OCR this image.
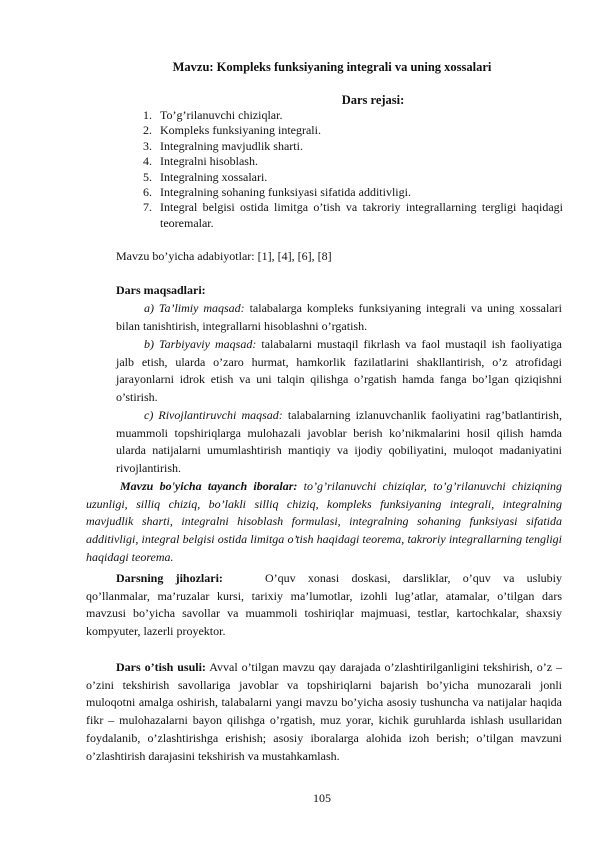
Mavzu: Kompleks funksiyaning integrali va uning xossalari
Dars rejasi:
1. To’g’rilanuvchi chiziqlar.
2. Kompleks funksiyaning integrali.
3. Integralning mavjudlik sharti.
4. Integralni hisoblash.
5. Integralning xossalari.
6. Integralning sohaning funksiyasi sifatida additivligi.
7. Integral belgisi ostida limitga o’tish va takroriy integrallarning tergligi haqidagi teoremalar.

Mavzu bo’yicha adabiyotlar: [1], [4], [6], [8]

Dars maqsadlari:

a) Ta’limiy maqsad: talabalarga kompleks funksiyaning integrali va uning xossalari bilan tanishtirish, integrallarni hisoblashni o’rgatish.

b) Tarbiyaviy maqsad: talabalarni mustaqil fikrlash va faol mustaqil ish faoliyatiga jalb etish, ularda o’zaro hurmat, hamkorlik fazilatlarini shakllantirish, o’z atrofidagi jarayonlarni idrok etish va uni talqin qilishga o’rgatish hamda fanga bo’lgan qiziqishni o’stirish.

c) Rivojlantiruvchi maqsad: talabalarning izlanuvchanlik faoliyatini rag’batlantirish, muammoli topshiriqlarga mulohazali javoblar berish ko’nikmalarini hosil qilish hamda ularda natijalarni umumlashtirish mantiqiy va ijodiy qobiliyatini, muloqot madaniyatini rivojlantirish.

Mavzu bo'yicha tayanch iboralar: to’g’rilanuvchi chiziqlar, to’g’rilanuvchi chiziqning uzunligi, silliq chiziq, bo’lakli silliq chiziq, kompleks funksiyaning integrali, integralning mavjudlik sharti, integralni hisoblash formulasi, integralning sohaning funksiyasi sifatida additivligi, integral belgisi ostida limitga o’tish haqidagi teorema, takroriy integrallarning tengligi haqidagi teorema.

Darsning jihozlari:	O’quv xonasi doskasi, darsliklar, o’quv va uslubiy qo’llanmalar, ma’ruzalar kursi, tarixiy ma’lumotlar, izohli lug’atlar, atamalar, o’tilgan dars mavzusi bo’yicha savollar va muammoli toshiriqlar majmuasi, testlar, kartochkalar, shaxsiy kompyuter, lazerli proyektor.

Dars o’tish usuli: Avval o’tilgan mavzu qay darajada o’zlashtirilganligini tekshirish, o’z – o’zini tekshirish savollariga javoblar va topshiriqlarni bajarish bo’yicha munozarali jonli muloqotni amalga oshirish, talabalarni yangi mavzu bo’yicha asosiy tushuncha va natijalar haqida fikr – mulohazalarni bayon qilishga o’rgatish, muz yorar, kichik guruhlarda ishlash usullaridan foydalanib, o’zlashtirishga erishish; asosiy iboralarga alohida izoh berish; o’tilgan mavzuni o’zlashtirish darajasini tekshirish va mustahkamlash.

105
